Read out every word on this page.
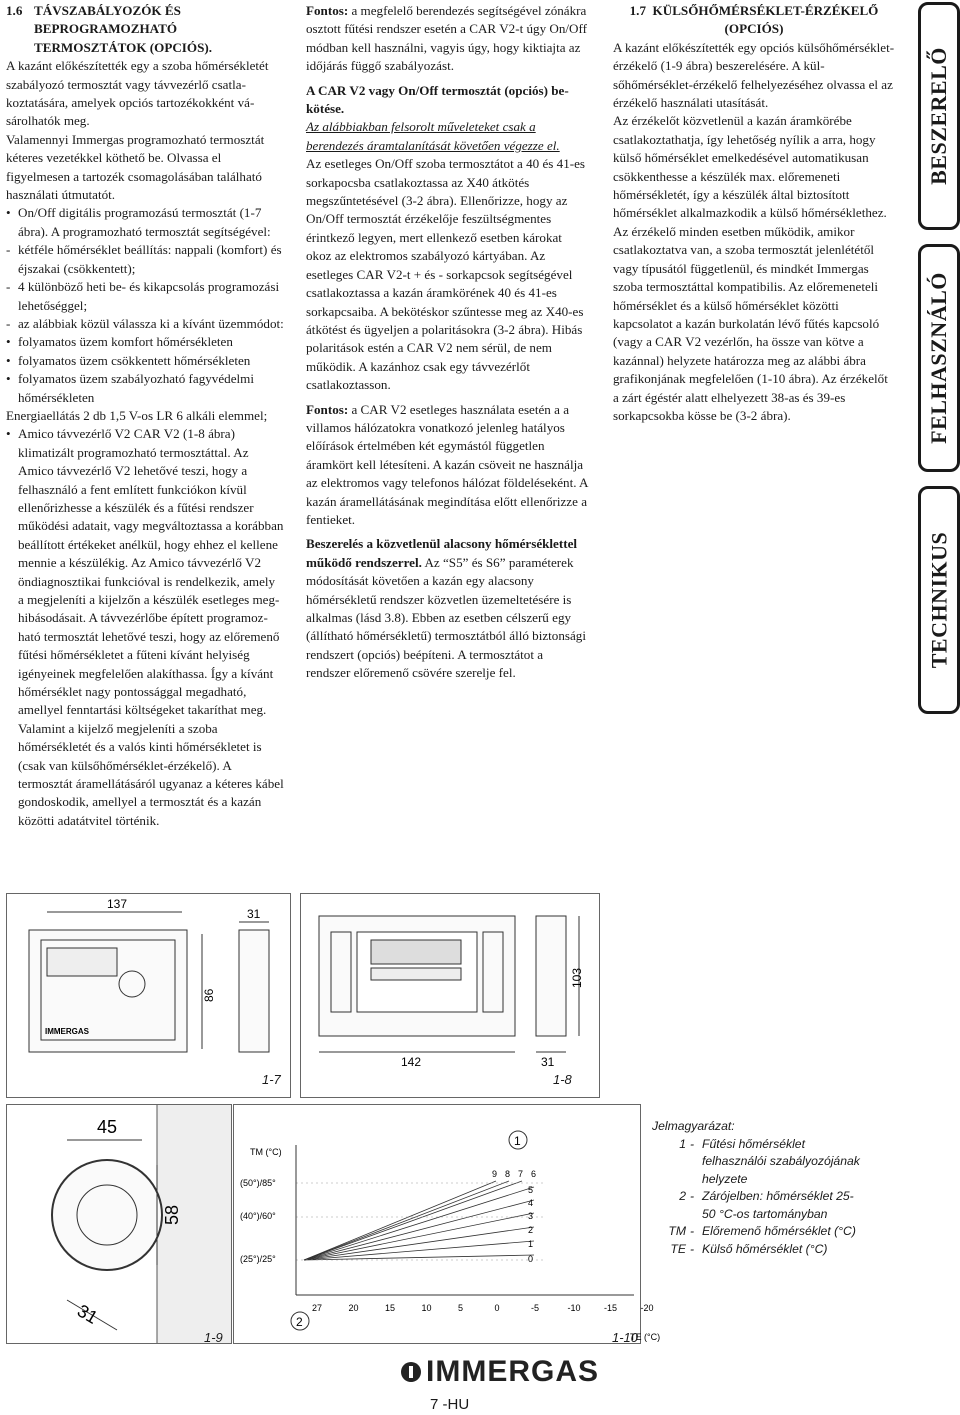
1.6 TÁVSZABÁLYOZÓK ÉS
BEPROGRAMOZHATÓ
TERMOSZTÁTOK (OPCIÓS).

A kazánt előkészítették egy a szoba hőmérsékletét szabályozó termosztát vagy távvezérlő csatlakoztatására, amelyek opciós tartozékokként vásárolhatók meg.

Valamennyi Immergas programozható termosztát kéteres vezetékkel köthető be. Olvassa el figyelmesen a tartozék csomagolásában található használati útmutatót.

• On/Off digitális programozású termosztát (1-7 ábra). A programozható termosztát segítségével:

- kétféle hőmérséklet beállítás: nappali (komfort) és éjszakai (csökkentett);

- 4 különböző heti be- és kikapcsolás programozási lehetőséggel;

- az alábbiak közül válassza ki a kívánt üzemmódot:

• folyamatos üzem komfort hőmérsékleten

• folyamatos üzem csökkentett hőmérsékleten

• folyamatos üzem szabályozható fagyvédelmi hőmérsékleten

Energiaellátás 2 db 1,5 V-os LR 6 alkáli elemmel;

• Amico távvezérlő V2 CAR V2 (1-8 ábra) klimatizált programozható termosztáttal. Az Amico távvezérlő V2 lehetővé teszi, hogy a felhasználó a fent említett funkciókon kívül ellenőrizhesse a készülék és a fűtési rendszer működési adatait, vagy megváltoztassa a korábban beállított értékeket anélkül, hogy ehhez el kellene mennie a készülékig. Az Amico távvezérlő V2 öndiagnosztikai funkcióval is rendelkezik, amely a megjeleníti a kijelzőn a készülék esetleges meghibásodásait. A távvezérlőbe épített programozható termosztát lehetővé teszi, hogy az előremenő fűtési hőmérsékletet a fűteni kívánt helyiség igényeinek megfelelően alakíthassa. Így a kívánt hőmérséklet nagy pontossággal megadható, amellyel fenntartási költségeket takaríthat meg. Valamint a kijelző megjeleníti a szoba hőmérsékletét és a valós kinti hőmérsékletet is (csak van külsőhőmérséklet-érzékelő). A termosztát áramellátásáról ugyanaz a kéteres kábel gondoskodik, amellyel a termosztát és a kazán közötti adatátvitel történik.

Fontos: a megfelelő berendezés segítségével zónákra osztott fűtési rendszer esetén a CAR V2-t úgy On/Off módban kell használni, vagyis úgy, hogy kiktiajta az időjárás függő szabályozást.

A CAR V2 vagy On/Off termosztát (opciós) bekötése.

Az alábbiakban felsorolt műveleteket csak a berendezés áramtalanítását követően végezze el.

Az esetleges On/Off szoba termosztátot a 40 és 41-es sorkapocsba csatlakoztassa az X40 átkötés megszűntetésével (3-2 ábra). Ellenőrizze, hogy az On/Off termosztát érzékelője feszültségmentes érintkező legyen, mert ellenkező esetben károkat okoz az elektromos szabályozó kártyában. Az esetleges CAR V2-t + és - sorkapcsok segítségével csatlakoztassa a kazán áramkörének 40 és 41-es sorkapcsaiba. A bekötéskor szűntesse meg az X40-es átkötést és ügyeljen a polaritásokra (3-2 ábra). Hibás polaritások estén a CAR V2 nem sérül, de nem működik. A kazánhoz csak egy távvezérlőt csatlakoztasson.

Fontos: a CAR V2 esetleges használata esetén a a villamos hálózatokra vonatkozó jelenleg hatályos előírások értelmében két egymástól független áramkört kell létesíteni. A kazán csöveit ne használja az elektromos vagy telefonos hálózat földeléseként. A kazán áramellátásának megindítása előtt ellenőrizze a fentieket.

Beszerelés a közvetlenül alacsony hőmérséklettel működő rendszerrel. Az “S5” és S6” paraméterek módosítását követően a kazán egy alacsony hőmérsékletű rendszer közvetlen üzemeltetésére is alkalmas (lásd 3.8). Ebben az esetben célszerű egy (állítható hőmérsékletű) termosztátból álló biztonsági rendszert (opciós) beépíteni. A termosztátot a rendszer előremenő csövére szerelje fel.

1.7 KÜLSŐHŐMÉRSÉKLET-ÉRZÉKELŐ
(OPCIÓS)

A kazánt előkészítették egy opciós külsőhőmérséklet-érzékelő (1-9 ábra) beszerelésére. A külsőhőmérséklet-érzékelő felhelyezéséhez olvassa el az érzékelő használati utasítását.

Az érzékelőt közvetlenül a kazán áramkörébe csatlakoztathatja, így lehetőség nyílik a arra, hogy külső hőmérséklet emelkedésével automatikusan csökkenthesse a készülék max. előremeneti hőmérsékletét, így a készülék által biztosított hőmérséklet alkalmazkodik a külső hőmérséklethez. Az érzékelő minden esetben működik, amikor csatlakoztatva van, a szoba termosztát jelenlététől vagy típusától függetlenül, és mindkét Immergas szoba termosztáttal kompatibilis. Az előremeneteli hőmérséklet és a külső hőmérséklet közötti kapcsolatot a kazán burkolatán lévő fűtés kapcsoló (vagy a CAR V2 vezérlőn, ha össze van kötve a kazánnal) helyzete határozza meg az alábbi ábra grafikonjának megfelelően (1-10 ábra). Az érzékelőt a zárt égéstér alatt elhelyezett 38-as és 39-es sorkapcsokba kösse be (3-2 ábra).

BESZERELŐ
FELHASZNÁLÓ
TECHNIKUS
137
IMMERGAS
86
31
1-7
142	31
103
1-8
45
58
31
1-9
TM (°C)
(50°)/85°
(40°)/60°
(25°)/25°
TE (°C)
27	20	15	10	5	0	-5	-10	-15	-20
9 8 7 6
5
4
3
2
1
0
1
2
1-10
Jelmagyarázat:
1 - Fűtési hőmérséklet felhasználói szabályozójának helyzete
2 - Zárójelben: hőmérséklet 25-50 °C-os tartományban
TM - Előremenő hőmérséklet (°C)
TE - Külső hőmérséklet (°C)
IMMERGAS
7 -HU
